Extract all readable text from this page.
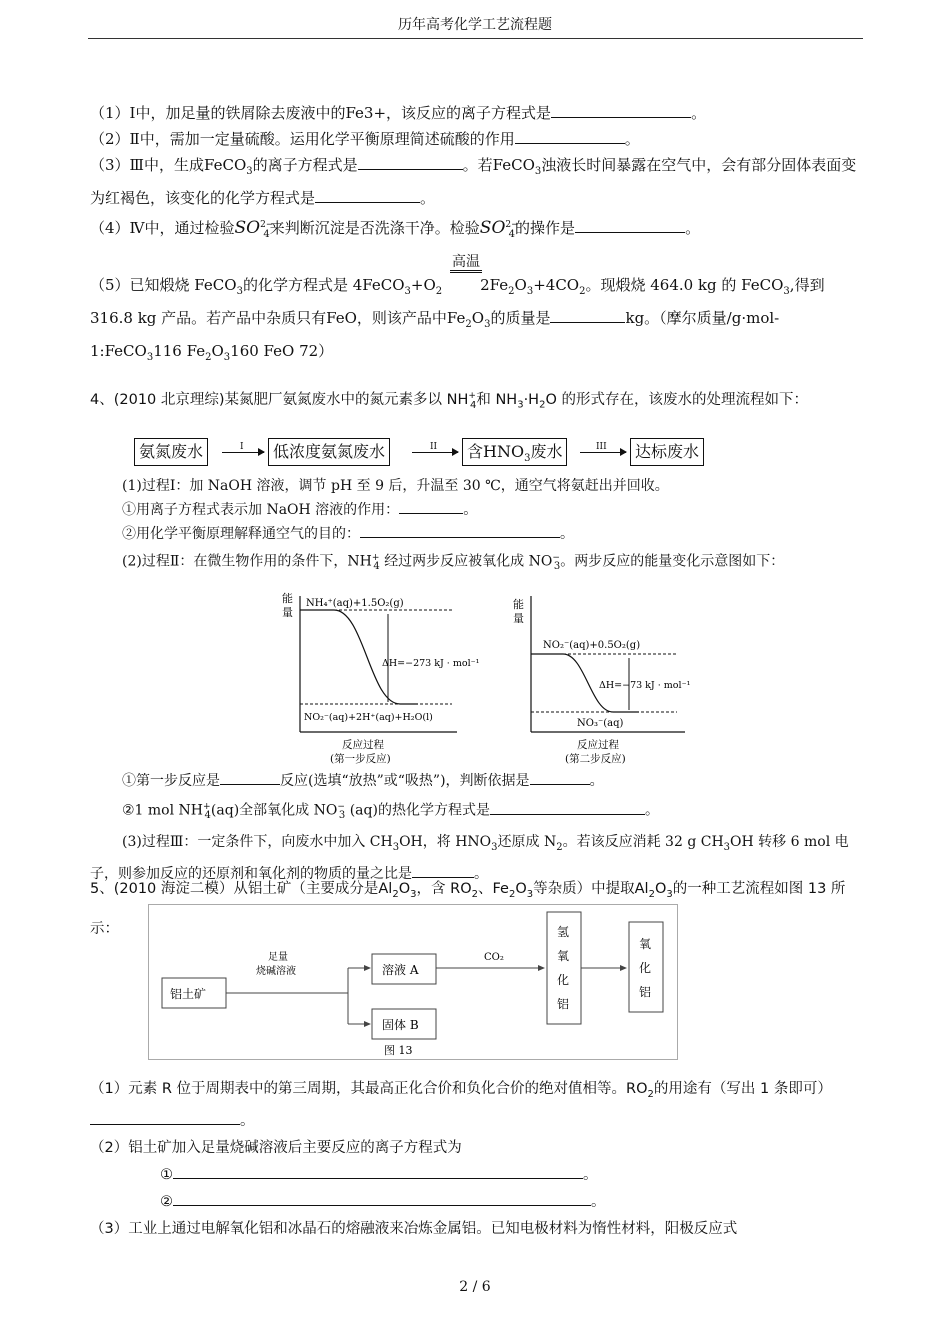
历年高考化学工艺流程题

（1）Ⅰ中，加足量的铁屑除去废液中的Fe3+，该反应的离子方程式是	。

（2）Ⅱ中，需加一定量硫酸。运用化学平衡原理简述硫酸的作用	。

（3）Ⅲ中，生成FeCO$_3$的离子方程式是	。若FeCO$_3$浊液长时间暴露在空气中，会有部分固体表面变为红褐色，该变化的化学方程式是	。

（4）Ⅳ中，通过检验$SO^{2-}_4$来判断沉淀是否洗涤干净。检验$SO^{2-}_4$的操作是	。
高温
（5）已知煅烧 FeCO$_3$的化学方程式是 $4FeCO_3+O_2$	$2Fe_2O_3+4CO_2$。现煅烧 464.0 kg 的 FeCO$_3$,得到 316.8 kg 产品。若产品中杂质只有FeO，则该产品中$Fe_2O_3$的质量是	kg。（摩尔质量/g·mol-1:FeCO$_3$116 $Fe_2O_3160$ FeO 72）
4、(2010 北京理综)某氮肥厂氨氮废水中的氮元素多以 $NH^+_4$和 $NH_3\cdot H_2O$ 的形式存在，该废水的处理流程如下：
氨氮废水	I	低浓度氨氮废水	II	含$HNO_3$废水	III	达标废水

(1)过程Ⅰ：加 NaOH 溶液，调节 pH 至 9 后，升温至 30 ℃，通空气将氨赶出并回收。

①用离子方程式表示加 NaOH 溶液的作用：	。

②用化学平衡原理解释通空气的目的：	。

(2)过程Ⅱ：在微生物作用的条件下，$NH^+_4$ 经过两步反应被氧化成 $NO^-_3$。两步反应的能量变化示意图如下：

能
量
NH₄⁺(aq)+1.5O₂(g)
NO₂⁻(aq)+2H⁺(aq)+H₂O(l)
ΔH=−273 kJ · mol⁻¹
反应过程
(第一步反应)
能
量
NO₂⁻(aq)+0.5O₂(g)
NO₃⁻(aq)
ΔH=−73 kJ · mol⁻¹
反应过程
(第二步反应)

①第一步反应是	反应(选填“放热”或“吸热”)，判断依据是	。

②1 mol $NH^+_4(aq)$全部氧化成 $NO^-_3$ (aq)的热化学方程式是	。

(3)过程Ⅲ：一定条件下，向废水中加入 $CH_3OH$，将 $HNO_3$还原成 $N_2$。若该反应消耗 32 g $CH_3OH$ 转移 6 mol 电子，则参加反应的还原剂和氧化剂的物质的量之比是	。

5、(2010 海淀二模）从铝土矿（主要成分是$Al_2O_3$，含 $RO_2$、$Fe_2O_3$等杂质）中提取$Al_2O_3$的一种工艺流程如图 13 所示：
铝土矿
足量
烧碱溶液	溶液 A
固体 B
CO₂
氢氧化铝
氧化铝
图 13

（1）元素 R 位于周期表中的第三周期，其最高正化合价和负化合价的绝对值相等。$RO_2$的用途有（写出 1 条即可）。

（2）铝土矿加入足量烧碱溶液后主要反应的离子方程式为

①	。

②	。

（3）工业上通过电解氧化铝和冰晶石的熔融液来冶炼金属铝。已知电极材料为惰性材料，阳极反应式

2 / 6
